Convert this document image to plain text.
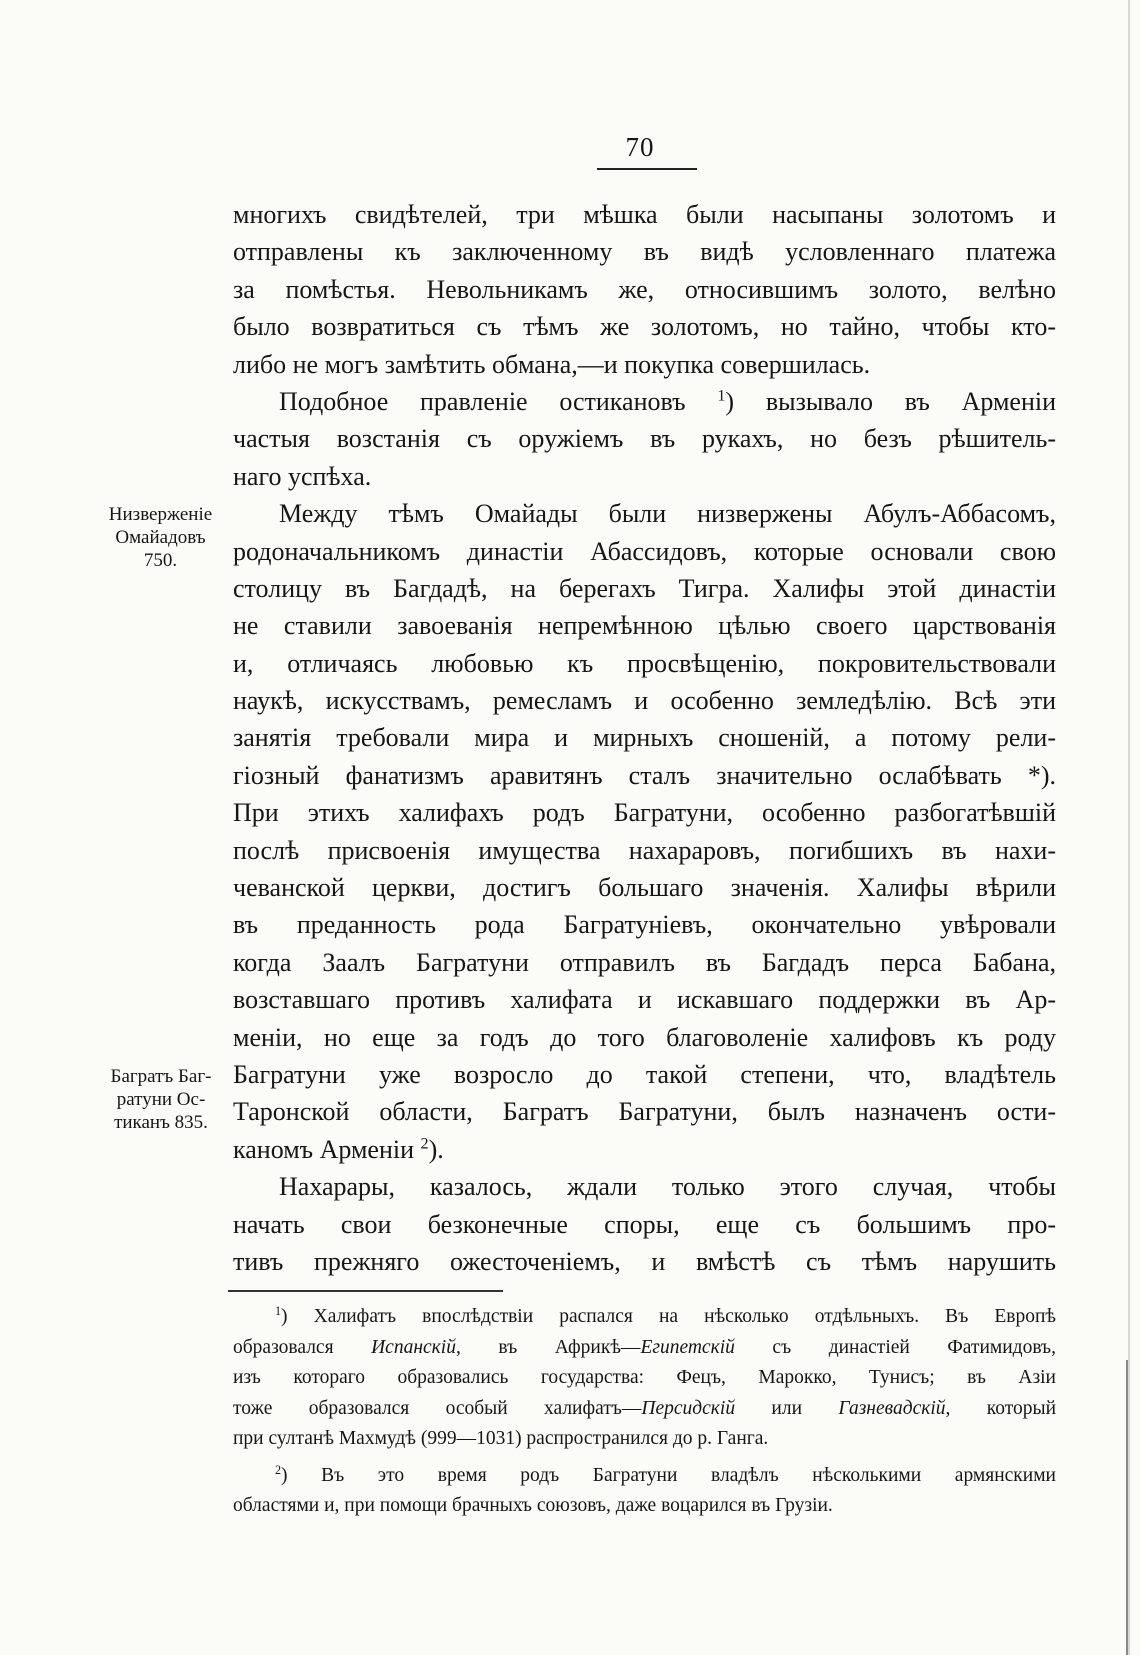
70
Низверженіе
Омайадовъ
750.
Багратъ Баг-
ратуни Ос-
тиканъ 835.
многихъ свидѣтелей, три мѣшка были насыпаны золотомъ и
отправлены къ заключенному въ видѣ условленнаго платежа
за помѣстья. Невольникамъ же, относившимъ золото, велѣно
было возвратиться съ тѣмъ же золотомъ, но тайно, чтобы кто-
либо не могъ замѣтить обмана,—и покупка совершилась.
Подобное правленіе остикановъ $^1$) вызывало въ Арменіи
частыя возстанія съ оружіемъ въ рукахъ, но безъ рѣшитель-
наго успѣха.
Между тѣмъ Омайады были низвержены Абулъ-Аббасомъ,
родоначальникомъ династіи Абассидовъ, которые основали свою
столицу въ Багдадѣ, на берегахъ Тигра. Халифы этой династіи
не ставили завоеванія непремѣнною цѣлью своего царствованія
и, отличаясь любовью къ просвѣщенію, покровительствовали
наукѣ, искусствамъ, ремесламъ и особенно земледѣлію. Всѣ эти
занятія требовали мира и мирныхъ сношеній, а потому рели-
гіозный фанатизмъ аравитянъ сталъ значительно ослабѣвать *).
При этихъ халифахъ родъ Багратуни, особенно разбогатѣвшій
послѣ присвоенія имущества нахараровъ, погибшихъ въ нахи-
чеванской церкви, достигъ большаго значенія. Халифы вѣрили
въ преданность рода Багратуніевъ, окончательно увѣровали
когда Заалъ Багратуни отправилъ въ Багдадъ перса Бабана,
возставшаго противъ халифата и искавшаго поддержки въ Ар-
меніи, но еще за годъ до того благоволеніе халифовъ къ роду
Багратуни уже возросло до такой степени, что, владѣтель
Таронской области, Багратъ Багратуни, былъ назначенъ ости-
каномъ Арменіи $^2$).
Нахарары, казалось, ждали только этого случая, чтобы
начать свои безконечные споры, еще съ большимъ про-
тивъ прежняго ожесточеніемъ, и вмѣстѣ съ тѣмъ нарушить
$^1$) Халифатъ впослѣдствіи распался на нѣсколько отдѣльныхъ. Въ Европѣ
образовался Испанскій, въ Африкѣ—Египетскій съ династіей Фатимидовъ,
изъ котораго образовались государства: Фецъ, Марокко, Тунисъ; въ Азіи
тоже образовался особый халифатъ—Персидскій или Газневадскій, который
при султанѣ Махмудѣ (999—1031) распространился до р. Ганга.
$^2$) Въ это время родъ Багратуни владѣлъ нѣсколькими армянскими
областями и, при помощи брачныхъ союзовъ, даже воцарился въ Грузіи.
